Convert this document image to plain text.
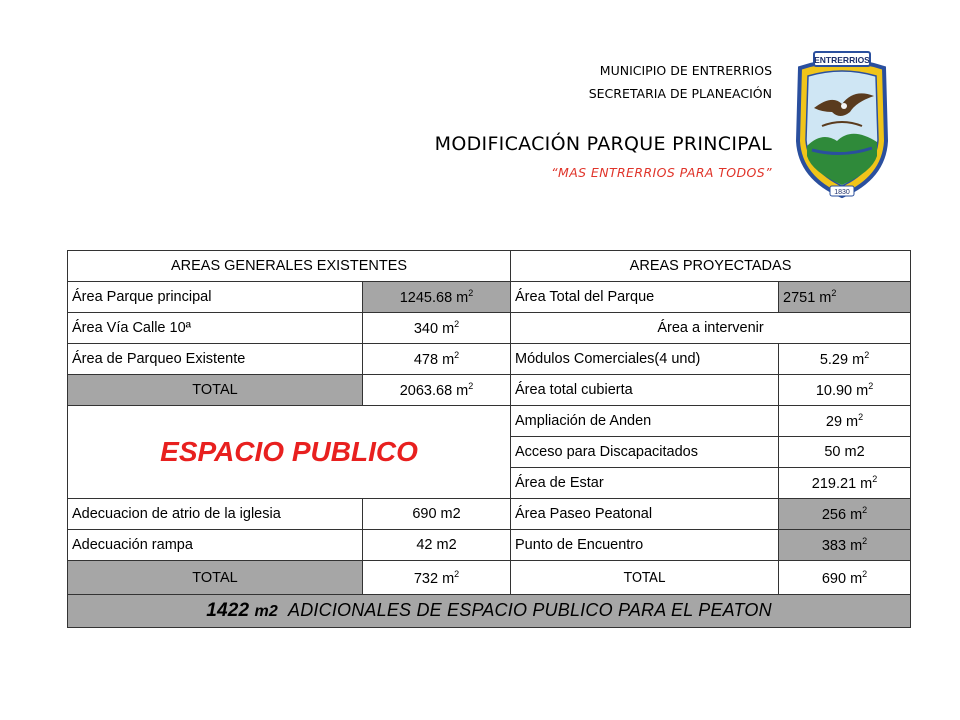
MUNICIPIO DE ENTRERRIOS
SECRETARIA DE PLANEACIÓN
MODIFICACIÓN PARQUE PRINCIPAL
“MAS ENTRERRIOS PARA TODOS”
ENTRERRIOS
1830
AREAS GENERALES EXISTENTES		AREAS PROYECTADAS	
Área Parque principal	1245.68 $m^2$	Área Total del Parque	2751 $m^2$
Área Vía Calle 10ª	340 $m^2$	Área a intervenir	
Área de Parqueo Existente	478 $m^2$	Módulos Comerciales(4 und)	5.29 $m^2$
TOTAL	2063.68 $m^2$	Área total cubierta	10.90 $m^2$
ESPACIO PUBLICO		Ampliación de Anden	29 $m^2$
		Acceso para Discapacitados	50 m2
		Área de Estar	219.21 $m^2$
Adecuacion de atrio de la iglesia	690 m2	Área Paseo Peatonal	256 $m^2$
Adecuación rampa	42 m2	Punto de Encuentro	383 $m^2$
TOTAL	732 $m^2$	TOTAL	690 $m^2$
1422 m2 ADICIONALES DE ESPACIO PUBLICO PARA EL PEATON			
